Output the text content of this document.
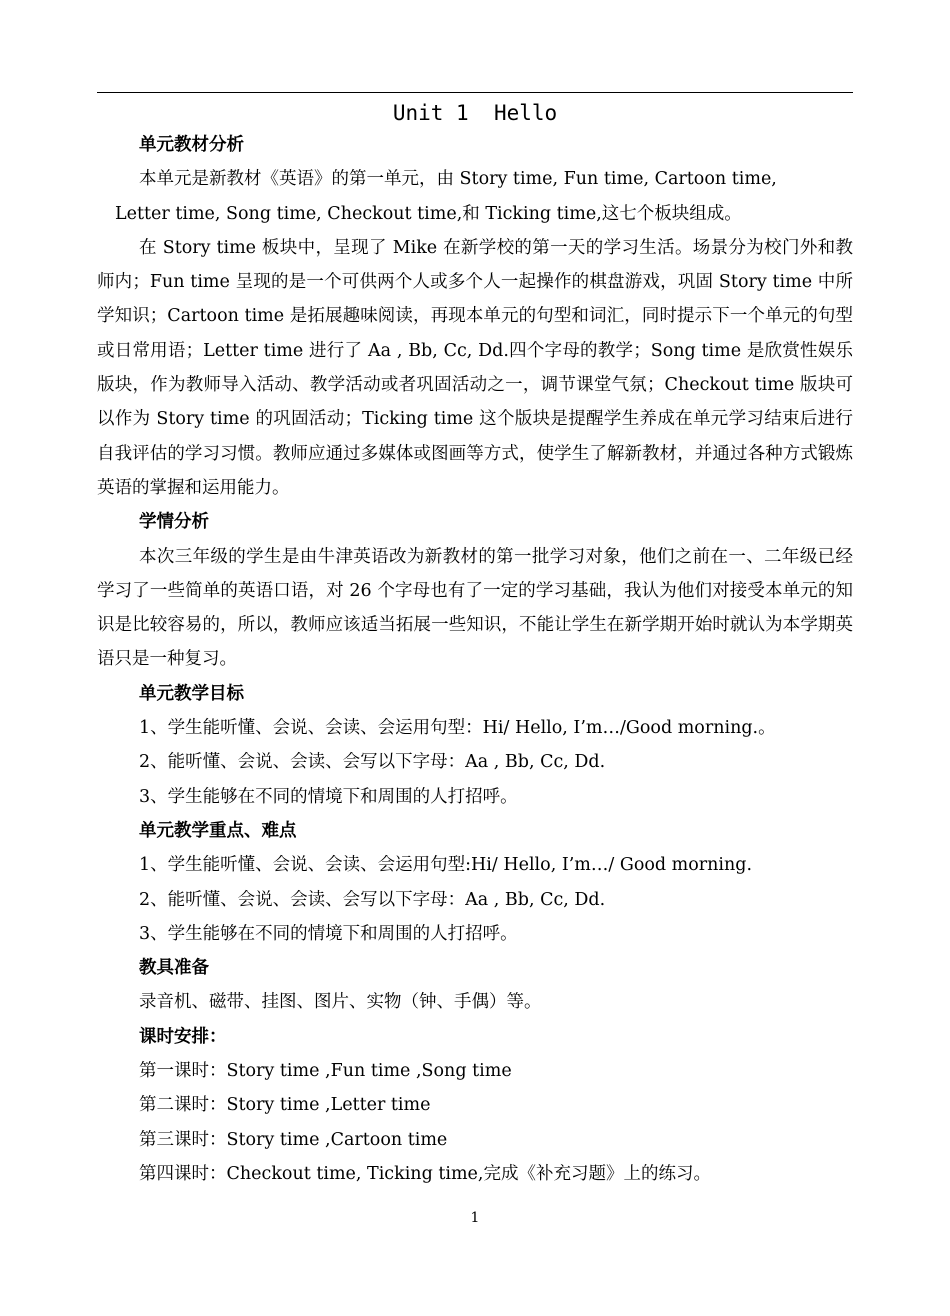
Unit 1  Hello

单元教材分析

本单元是新教材《英语》的第一单元，由 Story time, Fun time, Cartoon time,

Letter time, Song time, Checkout time,和 Ticking time,这七个板块组成。

在 Story time 板块中，呈现了 Mike 在新学校的第一天的学习生活。场景分为校门外和教师内；Fun time 呈现的是一个可供两个人或多个人一起操作的棋盘游戏，巩固 Story time 中所学知识；Cartoon time 是拓展趣味阅读，再现本单元的句型和词汇，同时提示下一个单元的句型或日常用语；Letter time 进行了 Aa , Bb, Cc, Dd.四个字母的教学；Song time 是欣赏性娱乐版块，作为教师导入活动、教学活动或者巩固活动之一，调节课堂气氛；Checkout time 版块可以作为 Story time 的巩固活动；Ticking time 这个版块是提醒学生养成在单元学习结束后进行自我评估的学习习惯。教师应通过多媒体或图画等方式，使学生了解新教材，并通过各种方式锻炼英语的掌握和运用能力。

学情分析

本次三年级的学生是由牛津英语改为新教材的第一批学习对象，他们之前在一、二年级已经学习了一些简单的英语口语，对 26 个字母也有了一定的学习基础，我认为他们对接受本单元的知识是比较容易的，所以，教师应该适当拓展一些知识，不能让学生在新学期开始时就认为本学期英语只是一种复习。

单元教学目标

1、学生能听懂、会说、会读、会运用句型：Hi/ Hello, I’m…/Good morning.。

2、能听懂、会说、会读、会写以下字母：Aa , Bb, Cc, Dd.

3、学生能够在不同的情境下和周围的人打招呼。

单元教学重点、难点

1、学生能听懂、会说、会读、会运用句型:Hi/ Hello, I’m…/ Good morning.

2、能听懂、会说、会读、会写以下字母：Aa , Bb, Cc, Dd.

3、学生能够在不同的情境下和周围的人打招呼。

教具准备

录音机、磁带、挂图、图片、实物（钟、手偶）等。

课时安排：

第一课时：Story time ,Fun time ,Song time

第二课时：Story time ,Letter time

第三课时：Story time ,Cartoon time

第四课时：Checkout time, Ticking time,完成《补充习题》上的练习。

1
